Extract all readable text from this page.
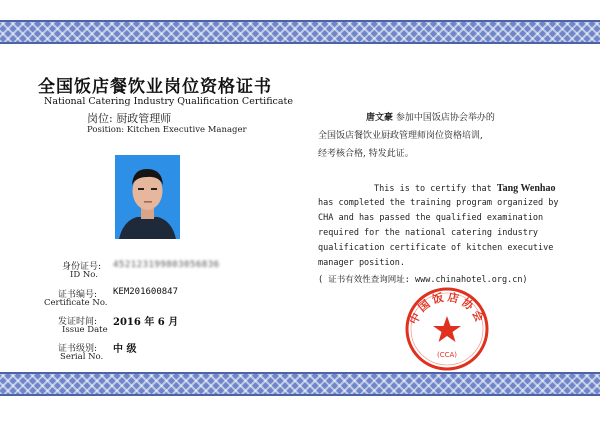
全国饭店餐饮业岗位资格证书
National Catering Industry Qualification Certificate
岗位: 厨政管理师
Position: Kitchen Executive Manager
身份证号:
ID No.
452123199803056836
证书编号:
Certificate No.
KEM201600847
发证时间:
Issue Date
2016 年 6 月
证书级别:
Serial No.
中 级
唐文豪 参加中国饭店协会举办的
全国饭店餐饮业厨政管理师岗位资格培训,
经考核合格, 特发此证。
This is to certify that Tang Wenhao
has completed the training program organized by
CHA and has passed the qualified examination
required for the national catering industry
qualification certificate of kitchen executive
manager position.
( 证书有效性查询网址: www.chinahotel.org.cn)
中国饭店协会
(CCA)
